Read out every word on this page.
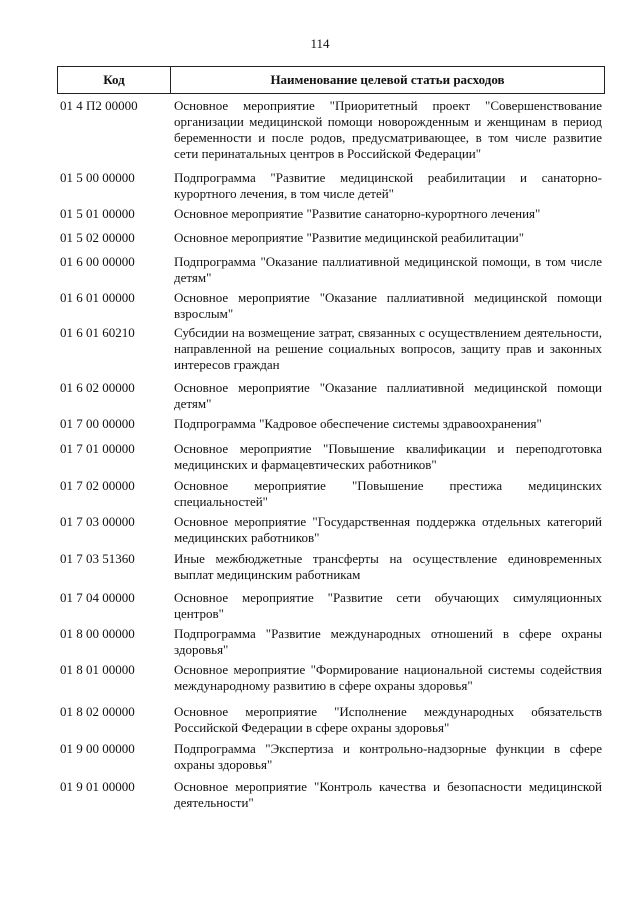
114
Код	Наименование целевой статьи расходов
01 4 П2 00000	Основное мероприятие "Приоритетный проект "Совершенствование организации медицинской помощи новорожденным и женщинам в период беременности и после родов, предусматривающее, в том числе развитие сети перинатальных центров в Российской Федерации"
01 5 00 00000	Подпрограмма "Развитие медицинской реабилитации и санаторно-курортного лечения, в том числе детей"
01 5 01 00000	Основное мероприятие "Развитие санаторно-курортного лечения"
01 5 02 00000	Основное мероприятие "Развитие медицинской реабилитации"
01 6 00 00000	Подпрограмма "Оказание паллиативной медицинской помощи, в том числе детям"
01 6 01 00000	Основное мероприятие "Оказание паллиативной медицинской помощи взрослым"
01 6 01 60210	Субсидии на возмещение затрат, связанных с осуществлением деятельности, направленной на решение социальных вопросов, защиту прав и законных интересов граждан
01 6 02 00000	Основное мероприятие "Оказание паллиативной медицинской помощи детям"
01 7 00 00000	Подпрограмма "Кадровое обеспечение системы здравоохранения"
01 7 01 00000	Основное мероприятие "Повышение квалификации и переподготовка медицинских и фармацевтических работников"
01 7 02 00000	Основное мероприятие "Повышение престижа медицинских специальностей"
01 7 03 00000	Основное мероприятие "Государственная поддержка отдельных категорий медицинских работников"
01 7 03 51360	Иные межбюджетные трансферты на осуществление единовременных выплат медицинским работникам
01 7 04 00000	Основное мероприятие "Развитие сети обучающих симуляционных центров"
01 8 00 00000	Подпрограмма "Развитие международных отношений в сфере охраны здоровья"
01 8 01 00000	Основное мероприятие "Формирование национальной системы содействия международному развитию в сфере охраны здоровья"
01 8 02 00000	Основное мероприятие "Исполнение международных обязательств Российской Федерации в сфере охраны здоровья"
01 9 00 00000	Подпрограмма "Экспертиза и контрольно-надзорные функции в сфере охраны здоровья"
01 9 01 00000	Основное мероприятие "Контроль качества и безопасности медицинской деятельности"
